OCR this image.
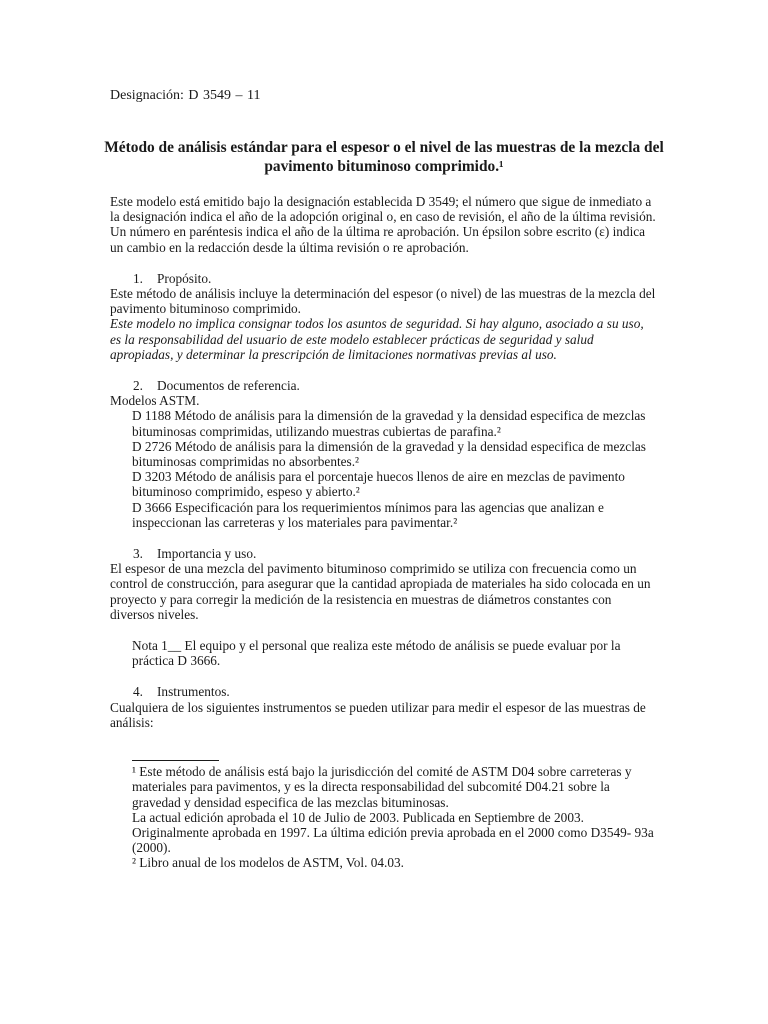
Designación: D 3549 – 11
Método de análisis estándar para el espesor o el nivel de las muestras de la mezcla del pavimento bituminoso comprimido.¹

Este modelo está emitido bajo la designación establecida D 3549; el número que sigue de inmediato a la designación indica el año de la adopción original o, en caso de revisión, el año de la última revisión. Un número en paréntesis indica el año de la última re aprobación. Un épsilon sobre escrito (ε) indica un cambio en la redacción desde la última revisión o re aprobación.

1. Propósito.

Este método de análisis incluye la determinación del espesor (o nivel) de las muestras de la mezcla del pavimento bituminoso comprimido.

Este modelo no implica consignar todos los asuntos de seguridad. Si hay alguno, asociado a su uso, es la responsabilidad del usuario de este modelo establecer prácticas de seguridad y salud apropiadas, y determinar la prescripción de limitaciones normativas previas al uso.

2. Documentos de referencia.

Modelos ASTM.

D 1188 Método de análisis para la dimensión de la gravedad y la densidad especifica de mezclas bituminosas comprimidas, utilizando muestras cubiertas de parafina.²

D 2726 Método de análisis para la dimensión de la gravedad y la densidad especifica de mezclas bituminosas comprimidas no absorbentes.²

D 3203 Método de análisis para el porcentaje huecos llenos de aire en mezclas de pavimento bituminoso comprimido, espeso y abierto.²

D 3666 Especificación para los requerimientos mínimos para las agencias que analizan e inspeccionan las carreteras y los materiales para pavimentar.²

3. Importancia y uso.

El espesor de una mezcla del pavimento bituminoso comprimido se utiliza con frecuencia como un control de construcción, para asegurar que la cantidad apropiada de materiales ha sido colocada en un proyecto y para corregir la medición de la resistencia en muestras de diámetros constantes con diversos niveles.

Nota 1__ El equipo y el personal que realiza este método de análisis se puede evaluar por la práctica D 3666.

4. Instrumentos.

Cualquiera de los siguientes instrumentos se pueden utilizar para medir el espesor de las muestras de análisis:

¹ Este método de análisis está bajo la jurisdicción del comité de ASTM D04 sobre carreteras y materiales para pavimentos, y es la directa responsabilidad del subcomité D04.21 sobre la gravedad y densidad especifica de las mezclas bituminosas.

La actual edición aprobada el 10 de Julio de 2003. Publicada en Septiembre de 2003. Originalmente aprobada en 1997. La última edición previa aprobada en el 2000 como D3549- 93a (2000).

² Libro anual de los modelos de ASTM, Vol. 04.03.
